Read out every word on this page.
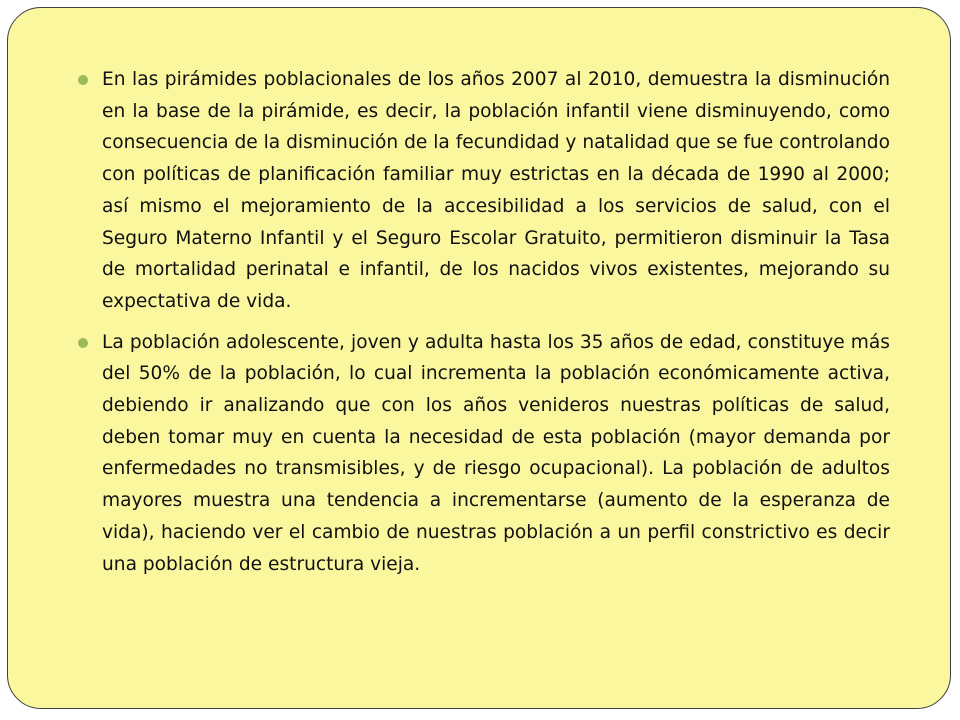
En las pirámides poblacionales de los años 2007 al 2010, demuestra la disminución en la base de la pirámide, es decir, la población infantil viene disminuyendo, como consecuencia de la disminución de la fecundidad y natalidad que se fue controlando con políticas de planificación familiar muy estrictas en la década de 1990 al 2000; así mismo el mejoramiento de la accesibilidad a los servicios de salud, con el Seguro Materno Infantil y el Seguro Escolar Gratuito, permitieron disminuir la Tasa de mortalidad perinatal e infantil, de los nacidos vivos existentes, mejorando su expectativa de vida.

La población adolescente, joven y adulta hasta los 35 años de edad, constituye más del 50% de la población, lo cual incrementa la población económicamente activa, debiendo ir analizando que con los años venideros nuestras políticas de salud, deben tomar muy en cuenta la necesidad de esta población (mayor demanda por enfermedades no transmisibles, y de riesgo ocupacional). La población de adultos mayores muestra una tendencia a incrementarse (aumento de la esperanza de vida), haciendo ver el cambio de nuestras población a un perfil constrictivo es decir una población de estructura vieja.
